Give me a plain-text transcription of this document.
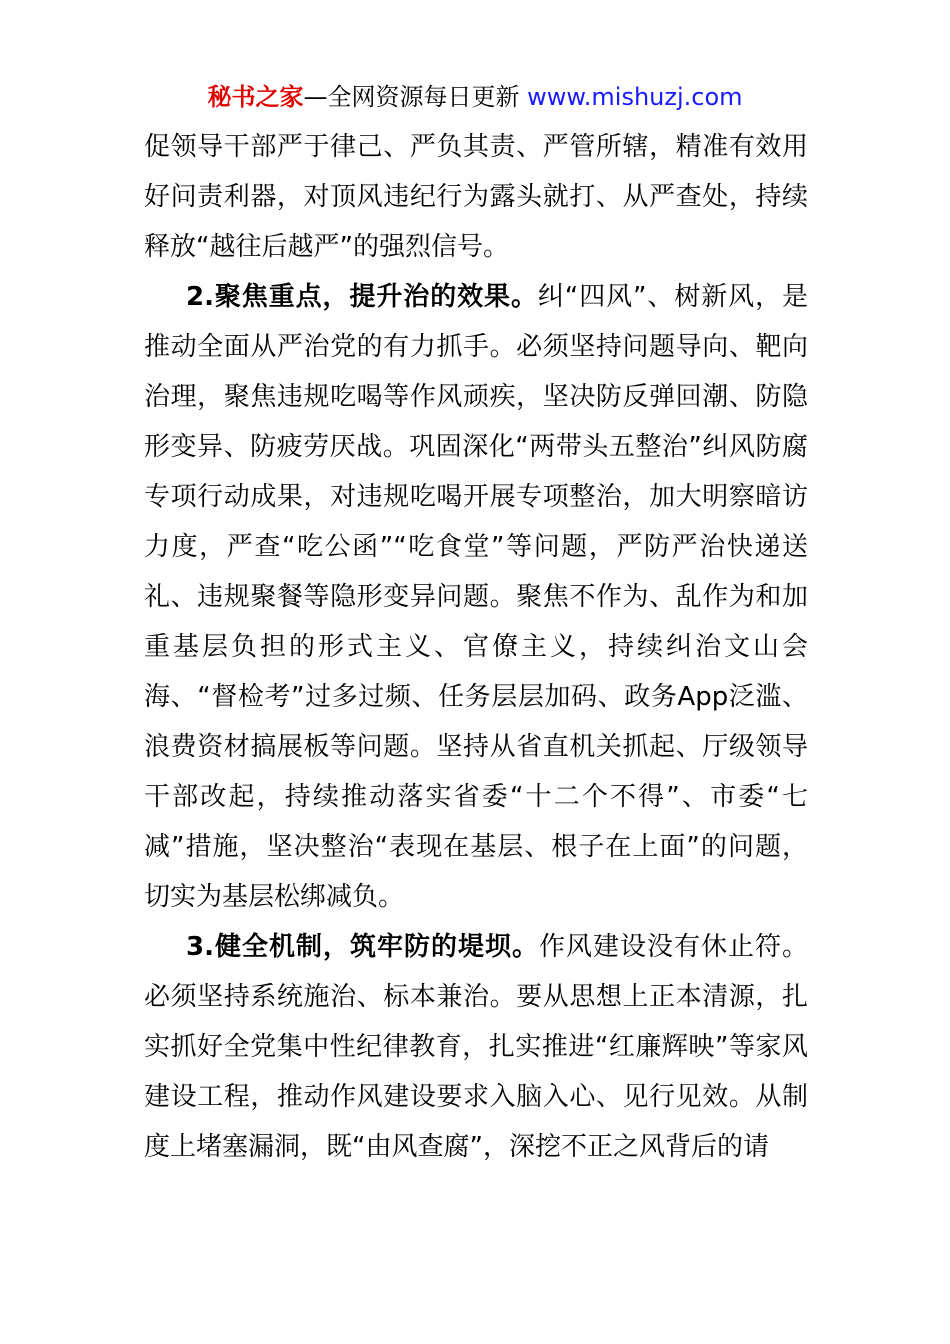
秘书之家—全网资源每日更新 www.mishuzj.com

促领导干部严于律己、严负其责、严管所辖，精准有效用好问责利器，对顶风违纪行为露头就打、从严查处，持续释放“越往后越严”的强烈信号。

2.聚焦重点，提升治的效果。纠“四风”、树新风，是推动全面从严治党的有力抓手。必须坚持问题导向、靶向治理，聚焦违规吃喝等作风顽疾，坚决防反弹回潮、防隐形变异、防疲劳厌战。巩固深化“两带头五整治”纠风防腐专项行动成果，对违规吃喝开展专项整治，加大明察暗访力度，严查“吃公函”“吃食堂”等问题，严防严治快递送礼、违规聚餐等隐形变异问题。聚焦不作为、乱作为和加重基层负担的形式主义、官僚主义，持续纠治文山会海、“督检考”过多过频、任务层层加码、政务App泛滥、浪费资材搞展板等问题。坚持从省直机关抓起、厅级领导干部改起，持续推动落实省委“十二个不得”、市委“七减”措施，坚决整治“表现在基层、根子在上面”的问题，切实为基层松绑减负。

3.健全机制，筑牢防的堤坝。作风建设没有休止符。必须坚持系统施治、标本兼治。要从思想上正本清源，扎实抓好全党集中性纪律教育，扎实推进“红廉辉映”等家风建设工程，推动作风建设要求入脑入心、见行见效。从制度上堵塞漏洞，既“由风查腐”，深挖不正之风背后的请
